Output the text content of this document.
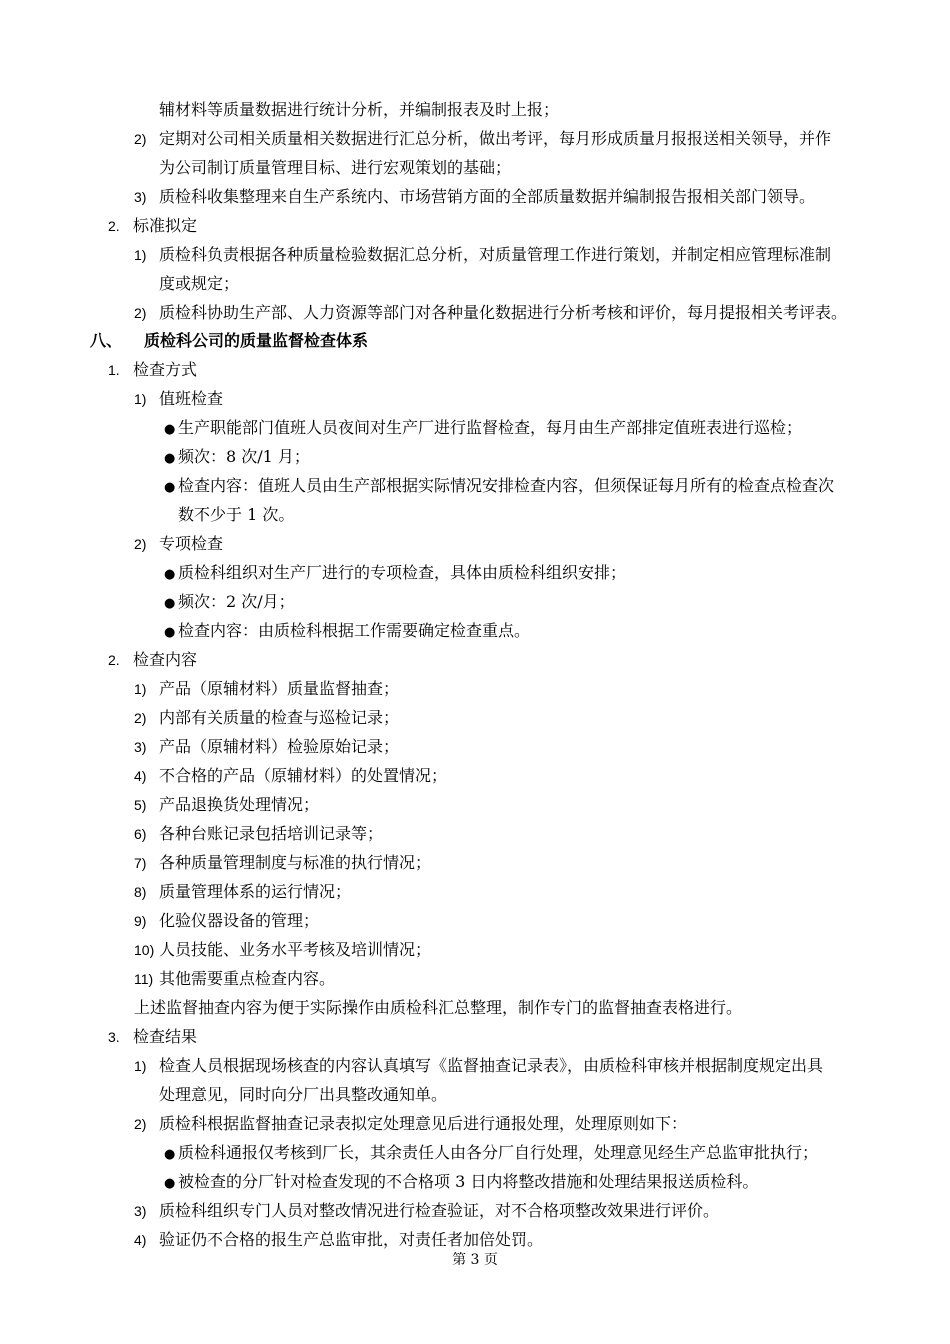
辅材料等质量数据进行统计分析，并编制报表及时上报；
2) 定期对公司相关质量相关数据进行汇总分析，做出考评，每月形成质量月报报送相关领导，并作
为公司制订质量管理目标、进行宏观策划的基础；
3) 质检科收集整理来自生产系统内、市场营销方面的全部质量数据并编制报告报相关部门领导。
2. 标准拟定
1) 质检科负责根据各种质量检验数据汇总分析，对质量管理工作进行策划，并制定相应管理标准制
度或规定；
2) 质检科协助生产部、人力资源等部门对各种量化数据进行分析考核和评价，每月提报相关考评表。
1. 检查方式
1) 值班检查
● 生产职能部门值班人员夜间对生产厂进行监督检查，每月由生产部排定值班表进行巡检；
● 频次：8 次/1 月；
● 检查内容：值班人员由生产部根据实际情况安排检查内容，但须保证每月所有的检查点检查次
数不少于 1 次。
2) 专项检查
● 质检科组织对生产厂进行的专项检查，具体由质检科组织安排；
● 频次：2 次/月；
● 检查内容：由质检科根据工作需要确定检查重点。
2. 检查内容
1) 产品（原辅材料）质量监督抽查；
2) 内部有关质量的检查与巡检记录；
3) 产品（原辅材料）检验原始记录；
4) 不合格的产品（原辅材料）的处置情况；
5) 产品退换货处理情况；
6) 各种台账记录包括培训记录等；
7) 各种质量管理制度与标准的执行情况；
8) 质量管理体系的运行情况；
9) 化验仪器设备的管理；
10) 人员技能、业务水平考核及培训情况；
11) 其他需要重点检查内容。
上述监督抽查内容为便于实际操作由质检科汇总整理，制作专门的监督抽查表格进行。
3. 检查结果
1) 检查人员根据现场核查的内容认真填写《监督抽查记录表》，由质检科审核并根据制度规定出具
处理意见，同时向分厂出具整改通知单。
2) 质检科根据监督抽查记录表拟定处理意见后进行通报处理，处理原则如下：
● 质检科通报仅考核到厂长，其余责任人由各分厂自行处理，处理意见经生产总监审批执行；
● 被检查的分厂针对检查发现的不合格项 3 日内将整改措施和处理结果报送质检科。
3) 质检科组织专门人员对整改情况进行检查验证，对不合格项整改效果进行评价。
4) 验证仍不合格的报生产总监审批，对责任者加倍处罚。
八、 质检科公司的质量监督检查体系
第 3 页
